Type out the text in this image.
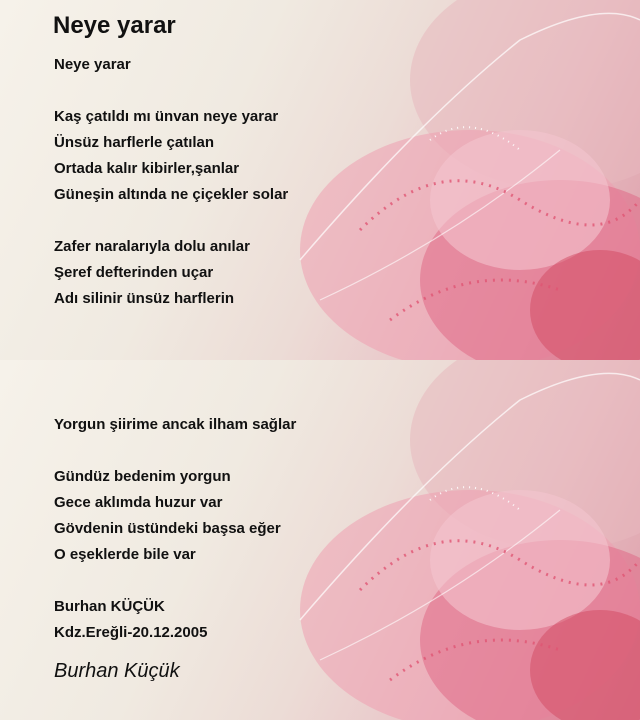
Neye yarar
Neye yarar
Kaş çatıldı mı ünvan neye yarar
Ünsüz harflerle çatılan
Ortada kalır kibirler,şanlar
Güneşin altında ne çiçekler solar
Zafer naralarıyla dolu anılar
Şeref defterinden uçar
Adı silinir ünsüz harflerin
Yorgun şiirime ancak ilham sağlar
Gündüz bedenim yorgun
Gece aklımda huzur var
Gövdenin üstündeki başsa eğer
O eşeklerde bile var
Burhan KÜÇÜK
Kdz.Ereğli-20.12.2005
Burhan Küçük
